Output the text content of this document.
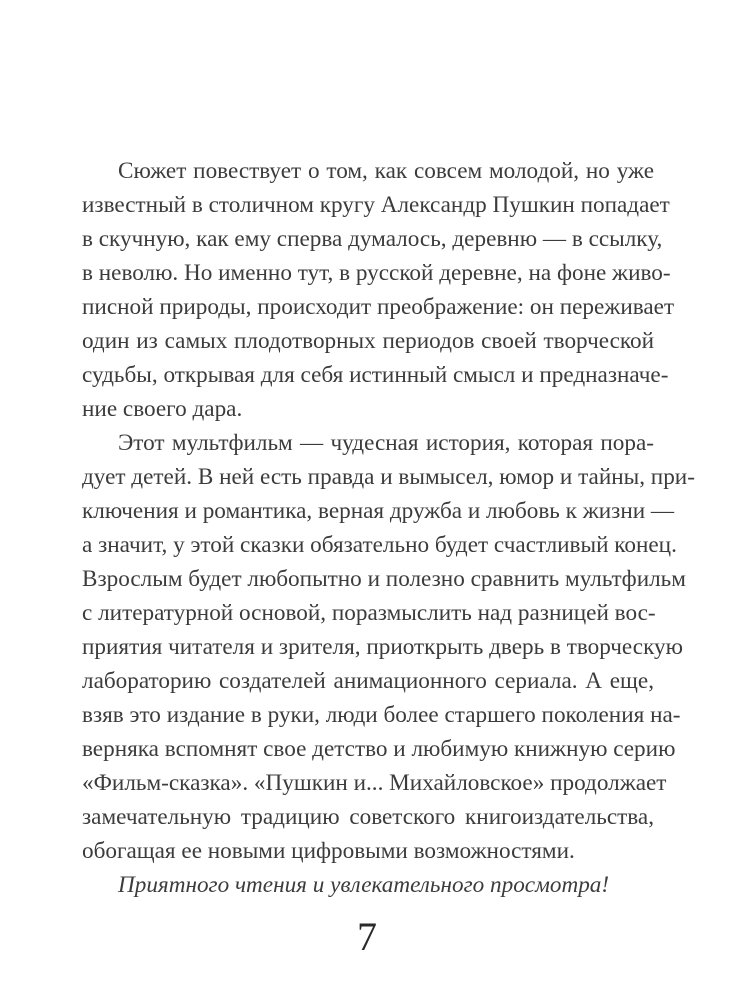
Сюжет повествует о том, как совсем молодой, но уже
известный в столичном кругу Александр Пушкин попадает
в скучную, как ему сперва думалось, деревню — в ссылку,
в неволю. Но именно тут, в русской деревне, на фоне живо-
писной природы, происходит преображение: он переживает
один из самых плодотворных периодов своей творческой
судьбы, открывая для себя истинный смысл и предназначе-
ние своего дара.
Этот мультфильм — чудесная история, которая пора-
дует детей. В ней есть правда и вымысел, юмор и тайны, при-
ключения и романтика, верная дружба и любовь к жизни —
а значит, у этой сказки обязательно будет счастливый конец.
Взрослым будет любопытно и полезно сравнить мультфильм
с литературной основой, поразмыслить над разницей вос-
приятия читателя и зрителя, приоткрыть дверь в творческую
лабораторию создателей анимационного сериала. А еще,
взяв это издание в руки, люди более старшего поколения на-
верняка вспомнят свое детство и любимую книжную серию
«Фильм-сказка». «Пушкин и... Михайловское» продолжает
замечательную традицию советского книгоиздательства,
обогащая ее новыми цифровыми возможностями.
Приятного чтения и увлекательного просмотра!
7
